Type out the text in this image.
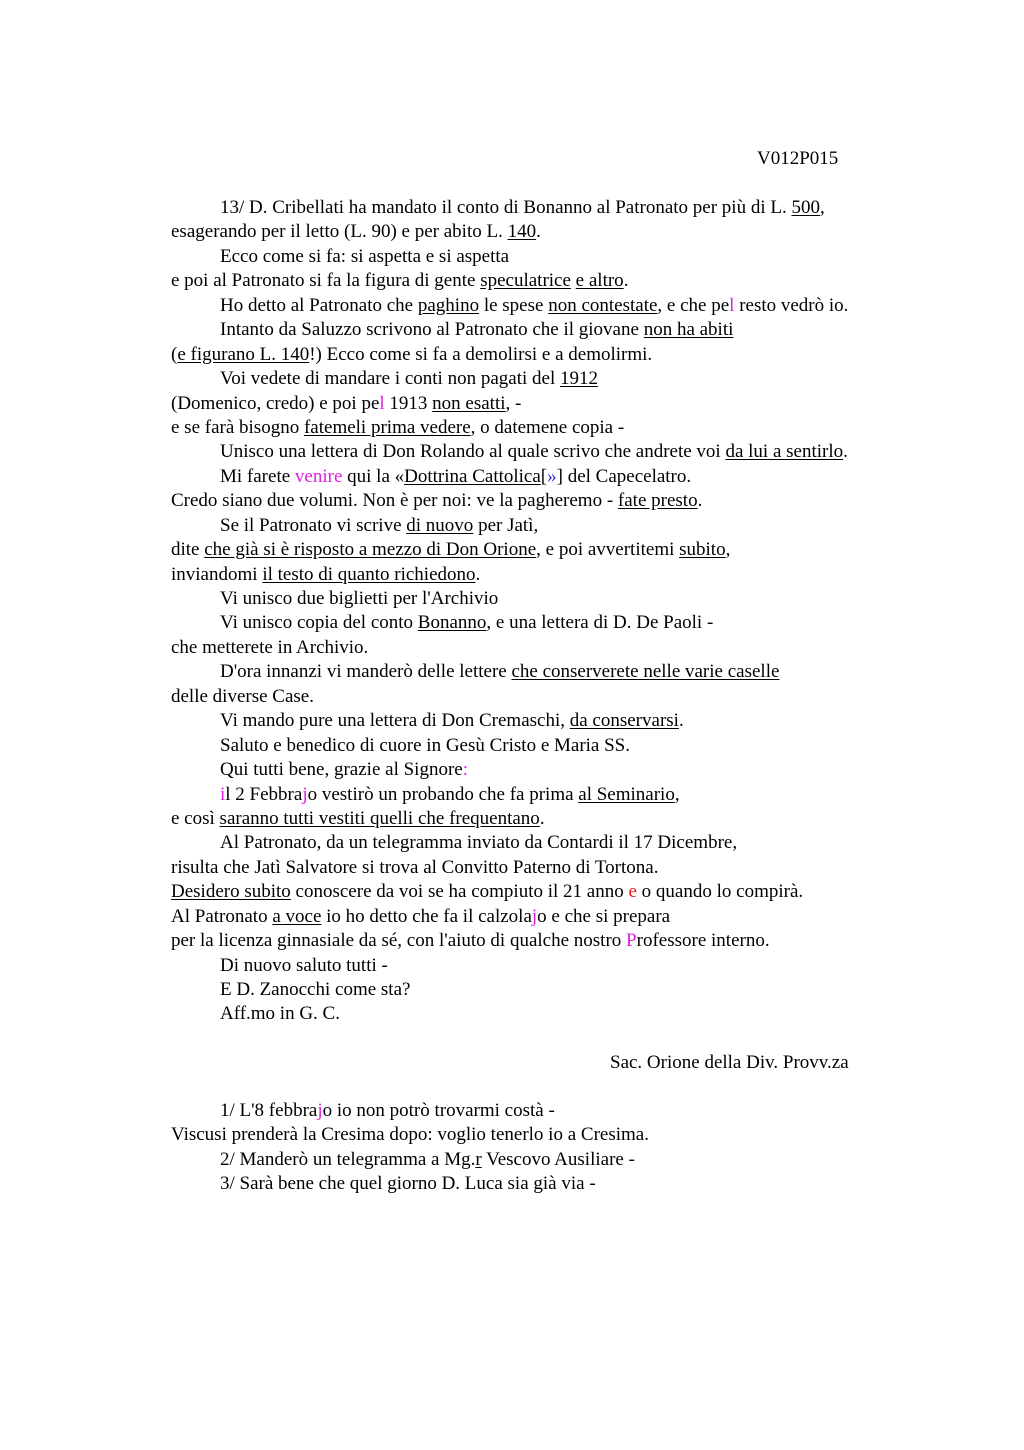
V012P015
13/ D. Cribellati ha mandato il conto di Bonanno al Patronato per più di L. 500,
esagerando per il letto (L. 90) e per abito L. 140.
Ecco come si fa: si aspetta e si aspetta
e poi al Patronato si fa la figura di gente speculatrice e altro.
Ho detto al Patronato che paghino le spese non contestate, e che pel resto vedrò io.
Intanto da Saluzzo scrivono al Patronato che il giovane non ha abiti
(e figurano L. 140!) Ecco come si fa a demolirsi e a demolirmi.
Voi vedete di mandare i conti non pagati del 1912
(Domenico, credo) e poi pel 1913 non esatti, -
e se farà bisogno fatemeli prima vedere, o datemene copia -
Unisco una lettera di Don Rolando al quale scrivo che andrete voi da lui a sentirlo.
Mi farete venire qui la «Dottrina Cattolica[»] del Capecelatro.
Credo siano due volumi. Non è per noi: ve la pagheremo - fate presto.
Se il Patronato vi scrive di nuovo per Jatì,
dite che già si è risposto a mezzo di Don Orione, e poi avvertitemi subito,
inviandomi il testo di quanto richiedono.
Vi unisco due biglietti per l'Archivio
Vi unisco copia del conto Bonanno, e una lettera di D. De Paoli -
che metterete in Archivio.
D'ora innanzi vi manderò delle lettere che conserverete nelle varie caselle
delle diverse Case.
Vi mando pure una lettera di Don Cremaschi, da conservarsi.
Saluto e benedico di cuore in Gesù Cristo e Maria SS.
Qui tutti bene, grazie al Signore:
il 2 Febbrajo vestirò un probando che fa prima al Seminario,
e così saranno tutti vestiti quelli che frequentano.
Al Patronato, da un telegramma inviato da Contardi il 17 Dicembre,
risulta che Jatì Salvatore si trova al Convitto Paterno di Tortona.
Desidero subito conoscere da voi se ha compiuto il 21 anno e o quando lo compirà.
Al Patronato a voce io ho detto che fa il calzolajo e che si prepara
per la licenza ginnasiale da sé, con l'aiuto di qualche nostro Professore interno.
Di nuovo saluto tutti -
E D. Zanocchi come sta?
Aff.mo in G. C.
Sac. Orione della Div. Provv.za
1/ L'8 febbrajo io non potrò trovarmi costà -
Viscusi prenderà la Cresima dopo: voglio tenerlo io a Cresima.
2/ Manderò un telegramma a Mg.r Vescovo Ausiliare -
3/ Sarà bene che quel giorno D. Luca sia già via -
